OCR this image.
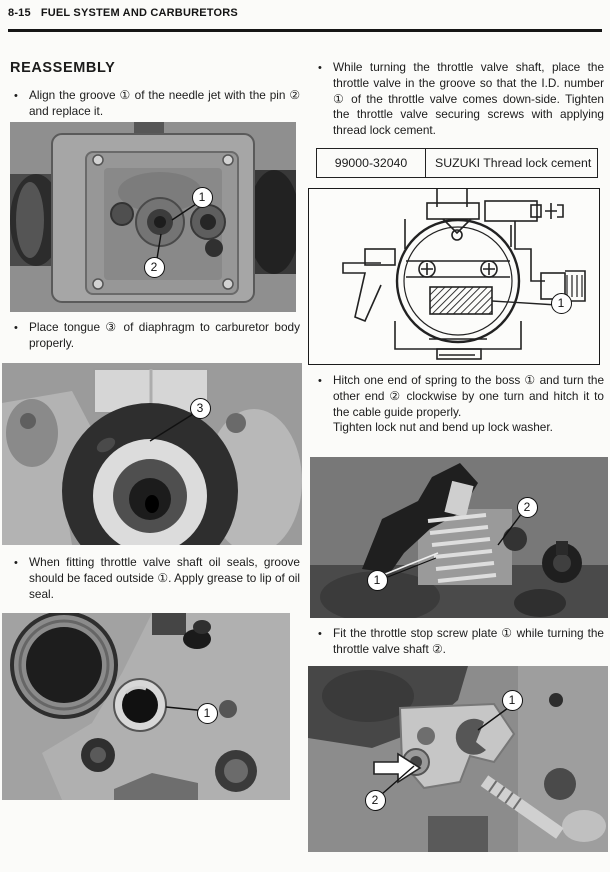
8-15 FUEL SYSTEM AND CARBURETORS
REASSEMBLY
• Align the groove ① of the needle jet with the pin ② and replace it.
1
2
• Place tongue ③ of diaphragm to carburetor body properly.
3
• When fitting throttle valve shaft oil seals, groove should be faced outside ①. Apply grease to lip of oil seal.
1
• While turning the throttle valve shaft, place the throttle valve in the groove so that the I.D. number ① of the throttle valve comes down-side. Tighten the throttle valve securing screws with applying thread lock cement.
99000-32040	SUZUKI Thread lock cement
1
• Hitch one end of spring to the boss ① and turn the other end ② clockwise by one turn and hitch it to the cable guide properly.

Tighten lock nut and bend up lock washer.

2
1
• Fit the throttle stop screw plate ① while turning the throttle valve shaft ②.
1
2
